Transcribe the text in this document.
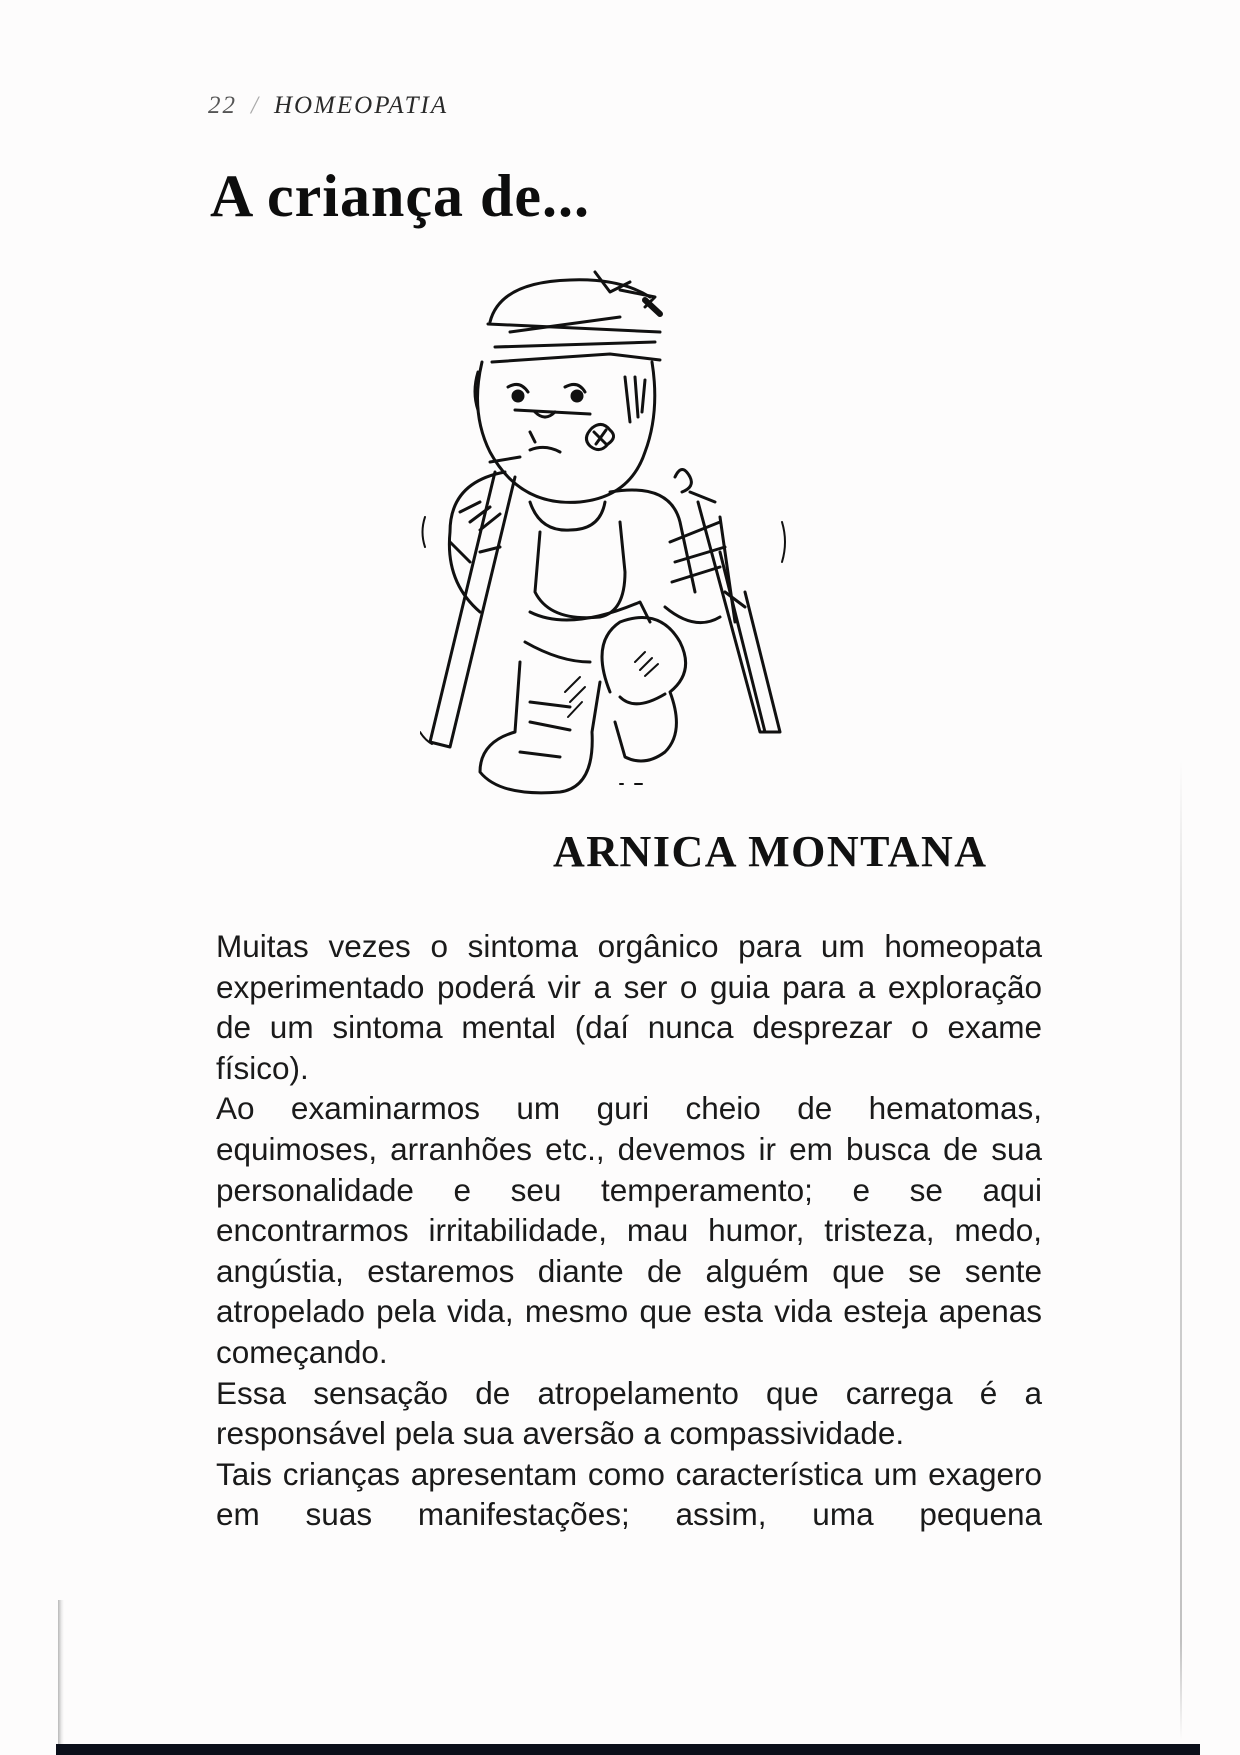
22 / HOMEOPATIA
A criança de...
ARNICA MONTANA

Muitas vezes o sintoma orgânico para um homeopata experimentado poderá vir a ser o guia para a exploração de um sintoma mental (daí nunca desprezar o exame físico).

Ao examinarmos um guri cheio de hematomas, equimoses, arranhões etc., devemos ir em busca de sua personalidade e seu temperamento; e se aqui encontrarmos irritabilidade, mau humor, tristeza, medo, angústia, estaremos diante de alguém que se sente atropelado pela vida, mesmo que esta vida esteja apenas começando.

Essa sensação de atropelamento que carrega é a responsável pela sua aversão a compassividade.

Tais crianças apresentam como característica um exagero em suas manifestações; assim, uma pequena
